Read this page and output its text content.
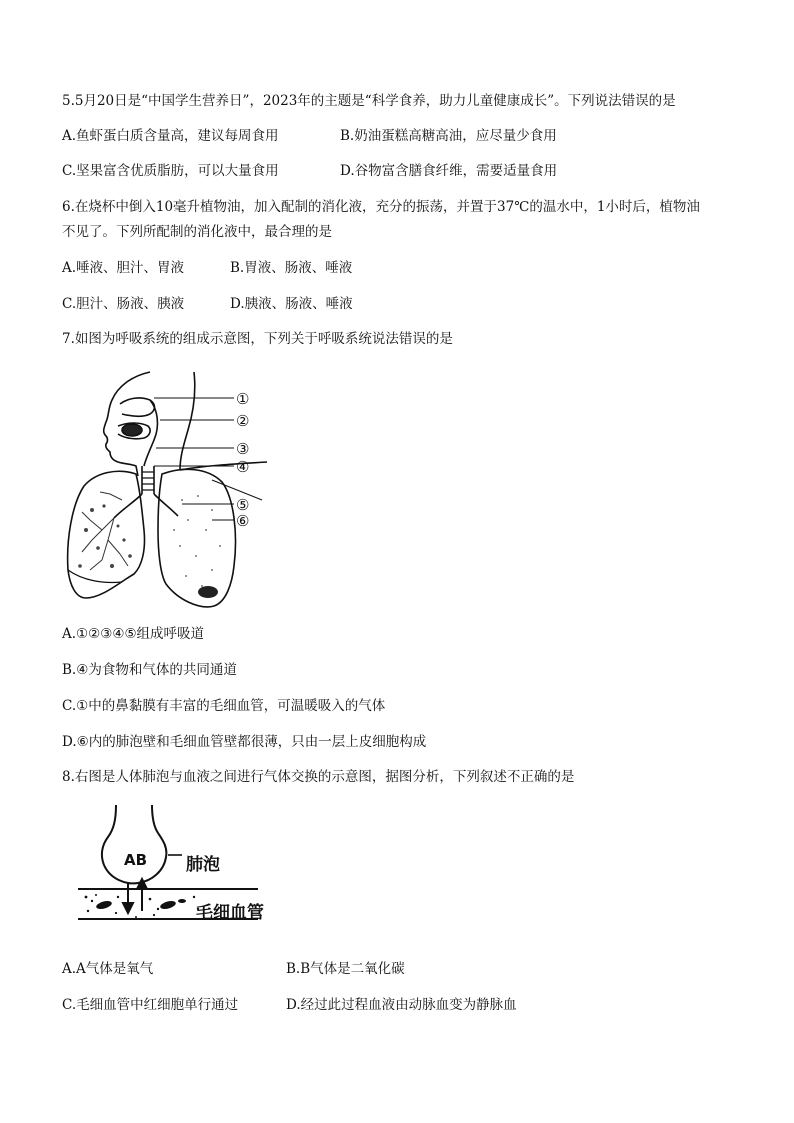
5.5月20日是“中国学生营养日”，2023年的主题是“科学食养，助力儿童健康成长”。下列说法错误的是
A.鱼虾蛋白质含量高，建议每周食用	B.奶油蛋糕高糖高油，应尽量少食用
C.坚果富含优质脂肪，可以大量食用	D.谷物富含膳食纤维，需要适量食用
6.在烧杯中倒入10毫升植物油，加入配制的消化液，充分的振荡，并置于37℃的温水中，1小时后，植物油
不见了。下列所配制的消化液中，最合理的是
A.唾液、胆汁、胃液	B.胃液、肠液、唾液
C.胆汁、肠液、胰液	D.胰液、肠液、唾液
7.如图为呼吸系统的组成示意图，下列关于呼吸系统说法错误的是
①
②
③
④
⑤
⑥
A.①②③④⑤组成呼吸道
B.④为食物和气体的共同通道
C.①中的鼻黏膜有丰富的毛细血管，可温暖吸入的气体
D.⑥内的肺泡壁和毛细血管壁都很薄，只由一层上皮细胞构成
8.右图是人体肺泡与血液之间进行气体交换的示意图，据图分析，下列叙述不正确的是
AB 肺泡
毛细血管
A.A气体是氧气	B.B气体是二氧化碳
C.毛细血管中红细胞单行通过	D.经过此过程血液由动脉血变为静脉血
